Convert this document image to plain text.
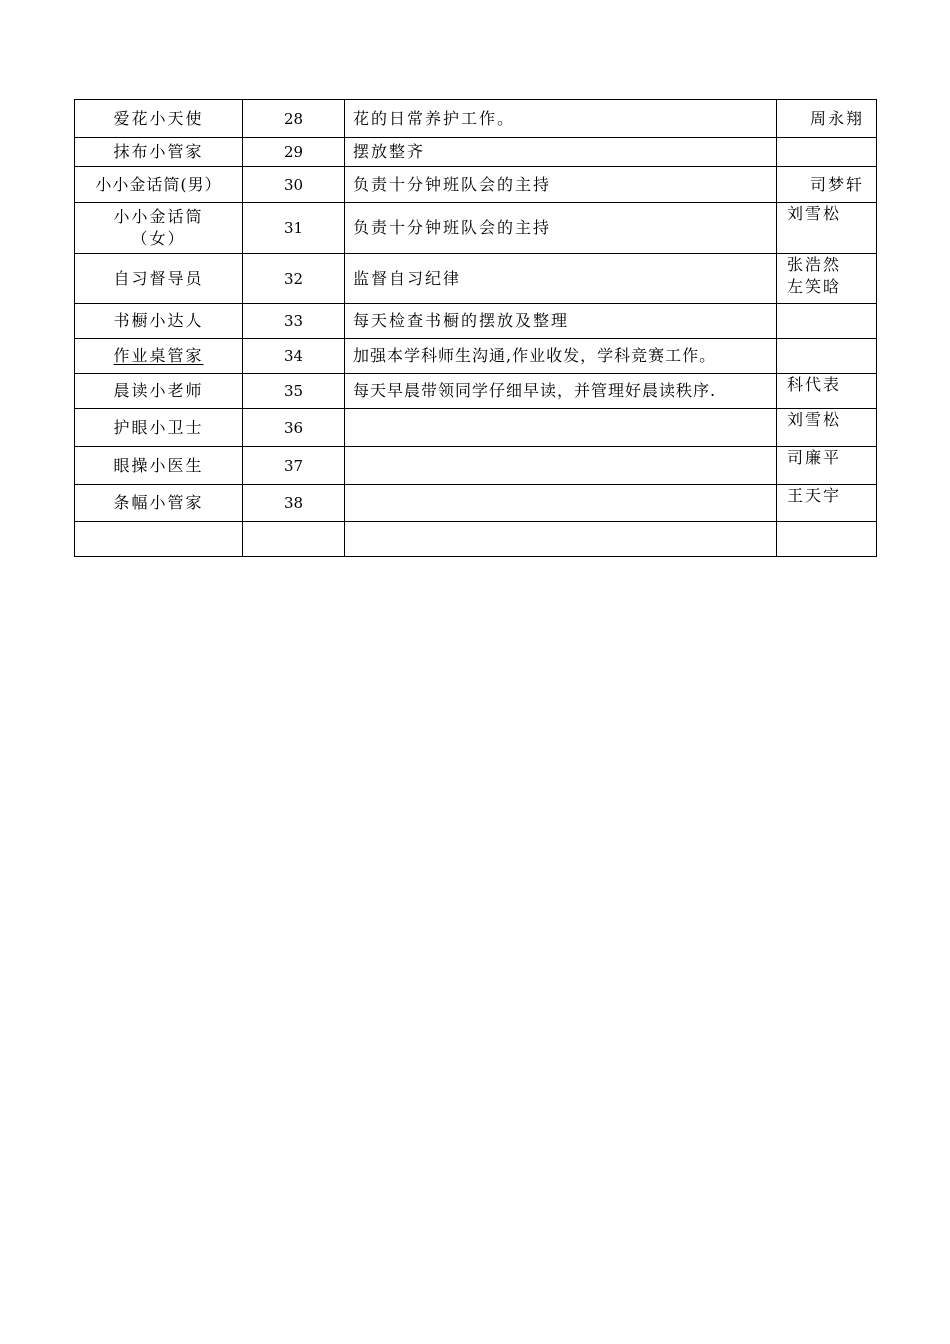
爱花小天使	28	花的日常养护工作。	周永翔
抹布小管家	29	摆放整齐	
小小金话筒(男）	30	负责十分钟班队会的主持	司梦轩

小小金话筒
（女）	31	负责十分钟班队会的主持	刘雪松
自习督导员	32	监督自习纪律	张浩然
左笑晗

书橱小达人	33	每天检查书橱的摆放及整理	
作业桌管家	34	加强本学科师生沟通,作业收发，学科竞赛工作。	
晨读小老师	35	每天早晨带领同学仔细早读，并管理好晨读秩序.	科代表
护眼小卫士	36		刘雪松
眼操小医生	37		司廉平
条幅小管家	38		王天宇
